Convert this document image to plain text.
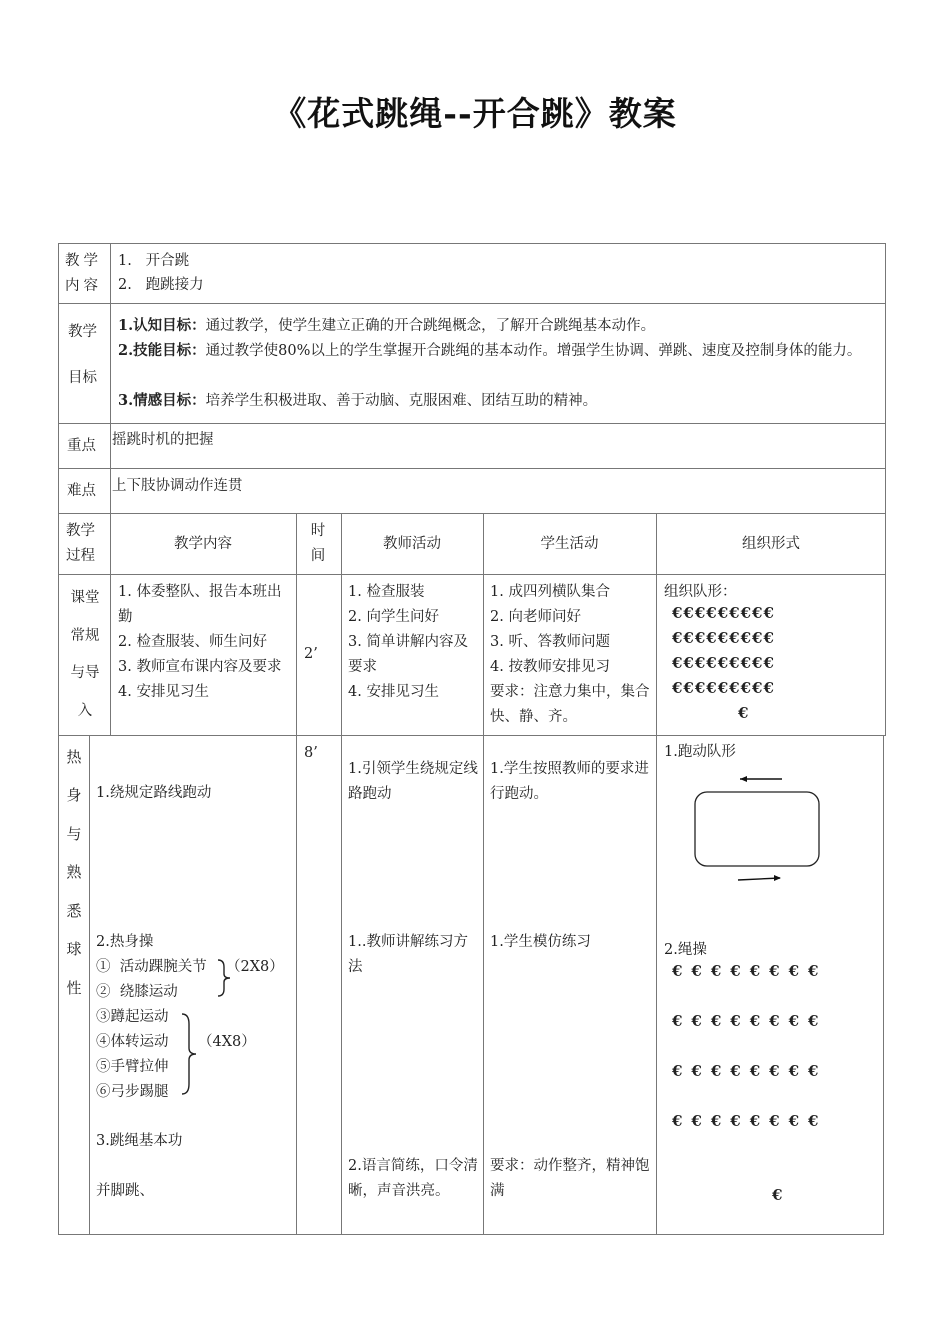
《花式跳绳--开合跳》教案
教学内容
1.   开合跳
2.   跑跳接力
教学
目标
1.认知目标：通过教学，使学生建立正确的开合跳绳概念，了解开合跳绳基本动作。
2.技能目标：通过教学使80%以上的学生掌握开合跳绳的基本动作。增强学生协调、弹跳、速度及控制身体的能力。
3.情感目标：培养学生积极进取、善于动脑、克服困难、团结互助的精神。
重点 摇跳时机的把握
难点 上下肢协调动作连贯
教学过程
教学内容
时间
教师活动	学生活动	组织形式
课堂常规与导入
1. 体委整队、报告本班出勤
2. 检查服装、师生问好
3. 教师宣布课内容及要求
4. 安排见习生
2’
1. 检查服装
2. 向学生问好
3. 简单讲解内容及要求
4. 安排见习生
1. 成四列横队集合
2. 向老师问好
3. 听、答教师问题
4. 按教师安排见习
要求：注意力集中，集合快、静、齐。
组织队形：
€€€€€€€€€
€€€€€€€€€
€€€€€€€€€
€€€€€€€€€
€
热
身
与
熟
悉
球
性
1.绕规定路线跑动
2.热身操
①  活动踝腕关节 （2X8）
②  绕膝运动
③蹲起运动
④体转运动 （4X8）
⑤手臂拉伸
⑥弓步踢腿
3.跳绳基本功
并脚跳、
8’
1.引领学生绕规定线路跑动
1..教师讲解练习方法
2.语言简练，口令清晰，声音洪亮。
1.学生按照教师的要求进行跑动。
1.学生模仿练习
要求：动作整齐，精神饱满
1.跑动队形
2.绳操
€€€€€€€€
€€€€€€€€
€€€€€€€€
€€€€€€€€
€
